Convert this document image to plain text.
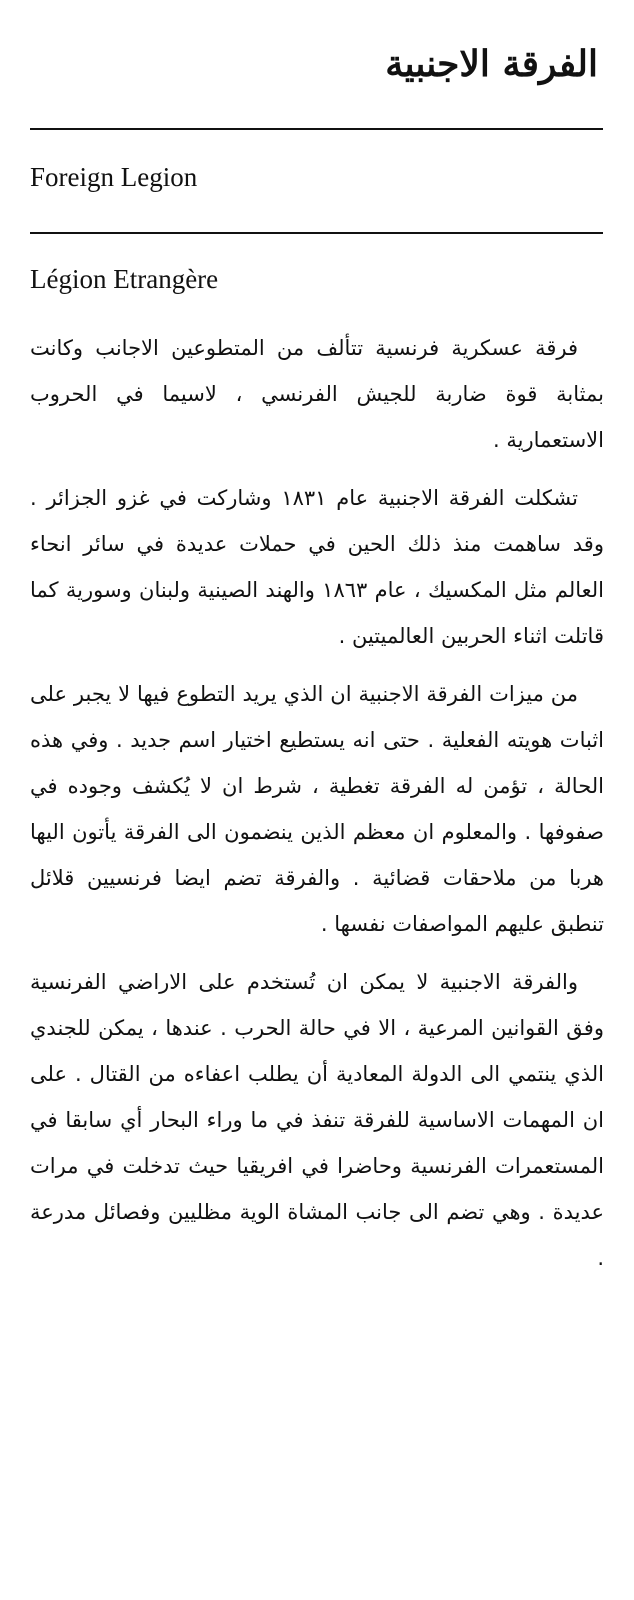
الفرقة الاجنبية

Foreign Legion

Légion Etrangère

فرقة عسكرية فرنسية تتألف من المتطوعين الاجانب وكانت بمثابة قوة ضاربة للجيش الفرنسي ، لاسيما في الحروب الاستعمارية .

تشكلت الفرقة الاجنبية عام ١٨٣١ وشاركت في غزو الجزائر . وقد ساهمت منذ ذلك الحين في حملات عديدة في سائر انحاء العالم مثل المكسيك ، عام ١٨٦٣ والهند الصينية ولبنان وسورية كما قاتلت اثناء الحربين العالميتين .

من ميزات الفرقة الاجنبية ان الذي يريد التطوع فيها لا يجبر على اثبات هويته الفعلية . حتى انه يستطيع اختيار اسم جديد . وفي هذه الحالة ، تؤمن له الفرقة تغطية ، شرط ان لا يُكشف وجوده في صفوفها . والمعلوم ان معظم الذين ينضمون الى الفرقة يأتون اليها هربا من ملاحقات قضائية . والفرقة تضم ايضا فرنسيين قلائل تنطبق عليهم المواصفات نفسها .

والفرقة الاجنبية لا يمكن ان تُستخدم على الاراضي الفرنسية وفق القوانين المرعية ، الا في حالة الحرب . عندها ، يمكن للجندي الذي ينتمي الى الدولة المعادية أن يطلب اعفاءه من القتال . على ان المهمات الاساسية للفرقة تنفذ في ما وراء البحار أي سابقا في المستعمرات الفرنسية وحاضرا في افريقيا حيث تدخلت في مرات عديدة . وهي تضم الى جانب المشاة الوية مظليين وفصائل مدرعة .
